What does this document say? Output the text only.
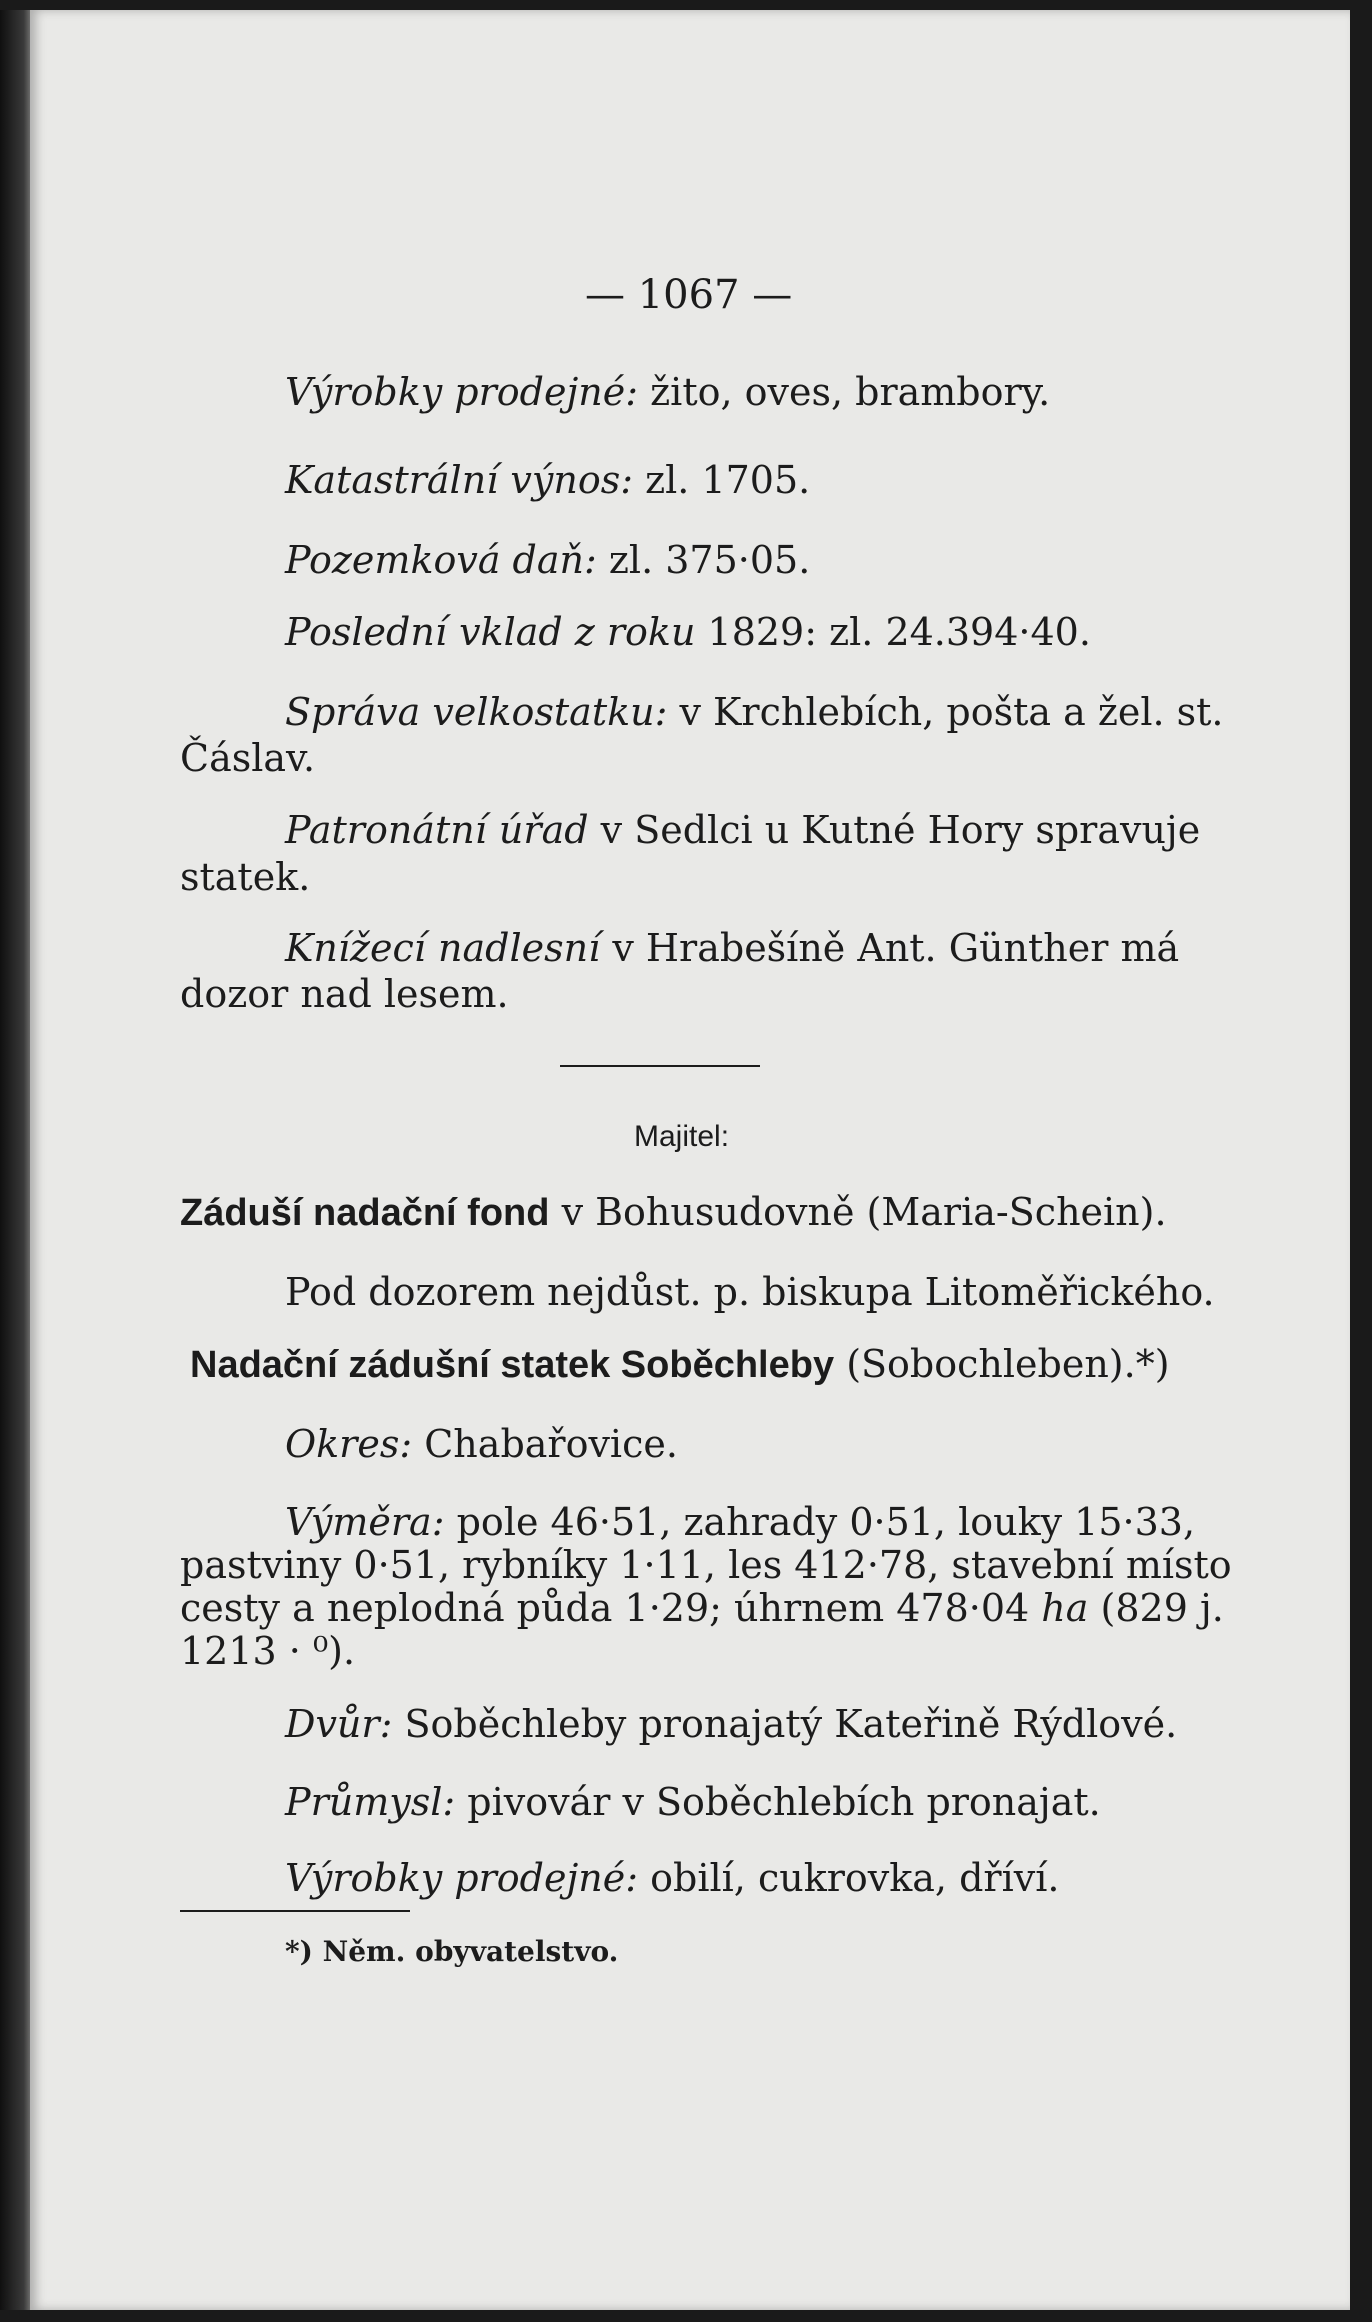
— 1067 —
Výrobky prodejné: žito, oves, brambory.
Katastrální výnos: zl. 1705.
Pozemková daň: zl. 375·05.
Poslední vklad z roku 1829: zl. 24.394·40.
Správa velkostatku: v Krchlebích, pošta a žel. st.
Čáslav.
Patronátní úřad v Sedlci u Kutné Hory spravuje
statek.
Knížecí nadlesní v Hrabešíně Ant. Günther má
dozor nad lesem.
Majitel:
Záduší nadační fond v Bohusudovně (Maria-Schein).
Pod dozorem nejdůst. p. biskupa Litoměřického.
Nadační zádušní statek Soběchleby (Sobochleben).*)
Okres: Chabařovice.
Výměra: pole 46·51, zahrady 0·51, louky 15·33,
pastviny 0·51, rybníky 1·11, les 412·78, stavební místo
cesty a neplodná půda 1·29; úhrnem 478·04 ha (829 j.
1213 · ⁰).
Dvůr: Soběchleby pronajatý Kateřině Rýdlové.
Průmysl: pivovár v Soběchlebích pronajat.
Výrobky prodejné: obilí, cukrovka, dříví.
*) Něm. obyvatelstvo.
